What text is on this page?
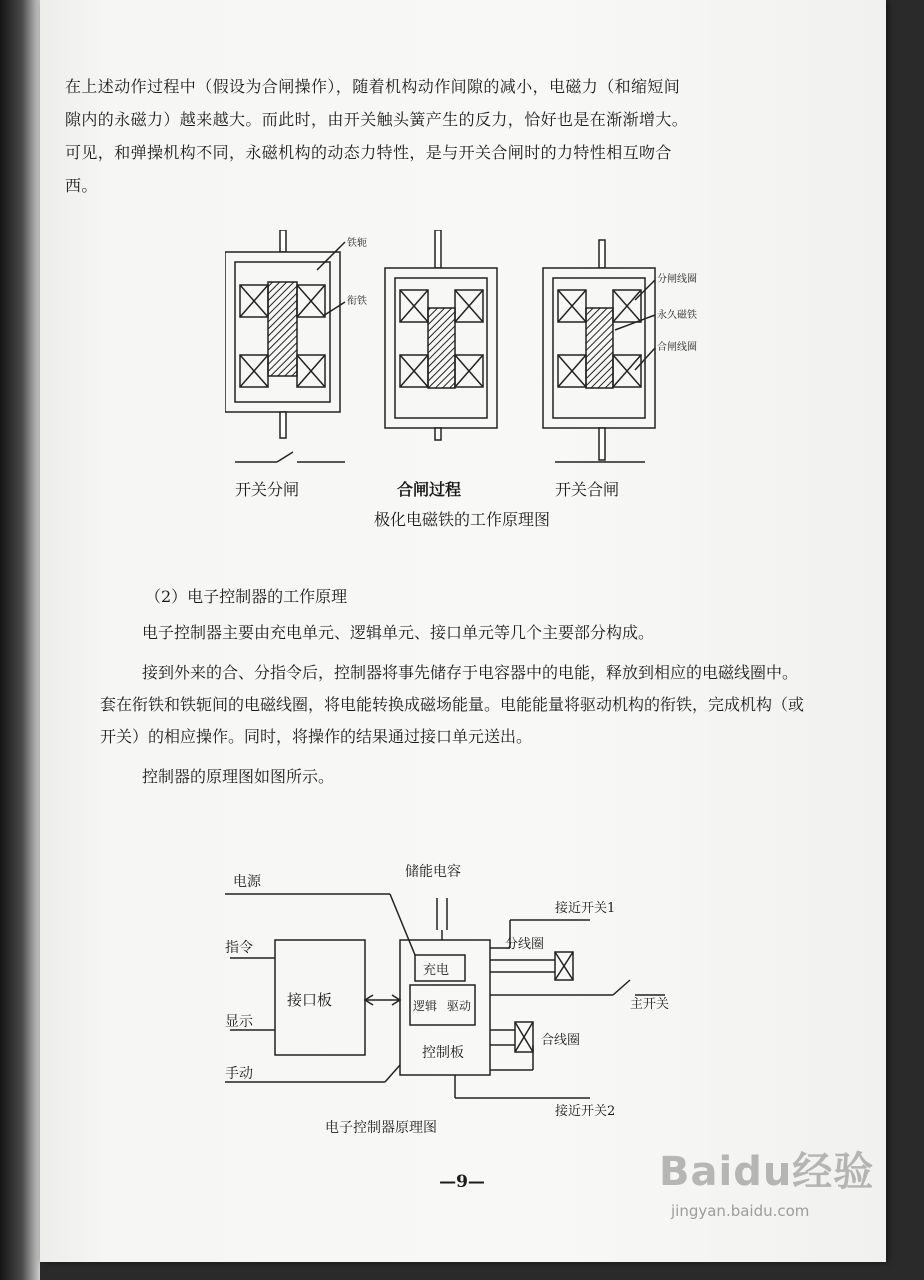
在上述动作过程中（假设为合闸操作），随着机构动作间隙的减小，电磁力（和缩短间

隙内的永磁力）越来越大。而此时，由开关触头簧产生的反力，恰好也是在渐渐增大。

可见，和弹操机构不同，永磁机构的动态力特性，是与开关合闸时的力特性相互吻合

西。

铁轭
衔铁
分闸线圈
永久磁铁
合闸线圈
开关分闸	合闸过程	开关合闸
极化电磁铁的工作原理图
（2）电子控制器的工作原理

电子控制器主要由充电单元、逻辑单元、接口单元等几个主要部分构成。

接到外来的合、分指令后，控制器将事先储存于电容器中的电能，释放到相应的电磁线圈中。套在衔铁和铁轭间的电磁线圈，将电能转换成磁场能量。电能能量将驱动机构的衔铁，完成机构（或开关）的相应操作。同时，将操作的结果通过接口单元送出。

控制器的原理图如图所示。

电源
储能电容
指令
接口板
显示
手动
充电
逻辑 驱动
控制板
接近开关1
分线圈
主开关
合线圈
接近开关2
电子控制器原理图
—9—	Baidu经验
jingyan.baidu.com
